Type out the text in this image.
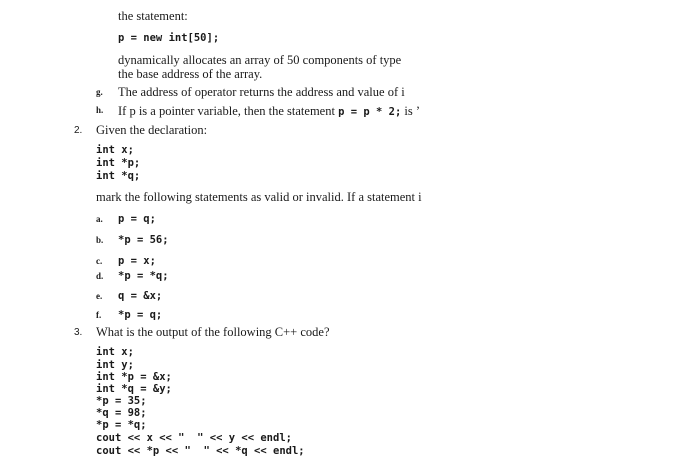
the statement:
p = new int[50];
dynamically allocates an array of 50 components of type
the base address of the array.
g. The address of operator returns the address and value of i
h. If p is a pointer variable, then the statement p = p * 2; is ’
2. Given the declaration:
int x;
int *p;
int *q;
mark the following statements as valid or invalid. If a statement i
a. p = q;
b. *p = 56;
c. p = x;
d. *p = *q;
e. q = &x;
f. *p = q;
3. What is the output of the following C++ code?
int x;
int y;
int *p = &x;
int *q = &y;
*p = 35;
*q = 98;
*p = *q;
cout << x << "  " << y << endl;
cout << *p << "  " << *q << endl;
